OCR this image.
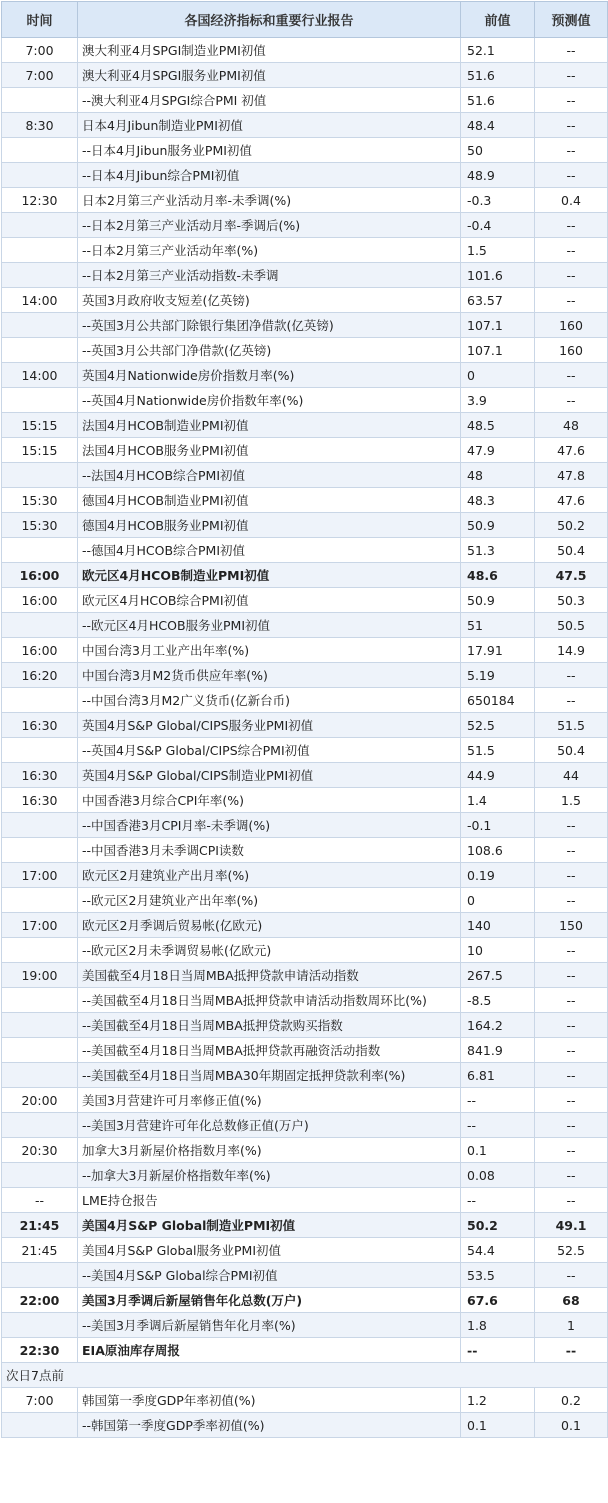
时间	各国经济指标和重要行业报告	前值	预测值
7:00	澳大利亚4月SPGI制造业PMI初值	52.1	--
7:00	澳大利亚4月SPGI服务业PMI初值	51.6	--
	--澳大利亚4月SPGI综合PMI 初值	51.6	--
8:30	日本4月Jibun制造业PMI初值	48.4	--
	--日本4月Jibun服务业PMI初值	50	--
	--日本4月Jibun综合PMI初值	48.9	--
12:30	日本2月第三产业活动月率-未季调(%)	-0.3	0.4
	--日本2月第三产业活动月率-季调后(%)	-0.4	--
	--日本2月第三产业活动年率(%)	1.5	--
	--日本2月第三产业活动指数-未季调	101.6	--
14:00	英国3月政府收支短差(亿英镑)	63.57	--
	--英国3月公共部门除银行集团净借款(亿英镑)	107.1	160
	--英国3月公共部门净借款(亿英镑)	107.1	160
14:00	英国4月Nationwide房价指数月率(%)	0	--
	--英国4月Nationwide房价指数年率(%)	3.9	--
15:15	法国4月HCOB制造业PMI初值	48.5	48
15:15	法国4月HCOB服务业PMI初值	47.9	47.6
	--法国4月HCOB综合PMI初值	48	47.8
15:30	德国4月HCOB制造业PMI初值	48.3	47.6
15:30	德国4月HCOB服务业PMI初值	50.9	50.2
	--德国4月HCOB综合PMI初值	51.3	50.4
16:00	欧元区4月HCOB制造业PMI初值	48.6	47.5
16:00	欧元区4月HCOB综合PMI初值	50.9	50.3
	--欧元区4月HCOB服务业PMI初值	51	50.5
16:00	中国台湾3月工业产出年率(%)	17.91	14.9
16:20	中国台湾3月M2货币供应年率(%)	5.19	--
	--中国台湾3月M2广义货币(亿新台币)	650184	--
16:30	英国4月S&P Global/CIPS服务业PMI初值	52.5	51.5
	--英国4月S&P Global/CIPS综合PMI初值	51.5	50.4
16:30	英国4月S&P Global/CIPS制造业PMI初值	44.9	44
16:30	中国香港3月综合CPI年率(%)	1.4	1.5
	--中国香港3月CPI月率-未季调(%)	-0.1	--
	--中国香港3月未季调CPI读数	108.6	--
17:00	欧元区2月建筑业产出月率(%)	0.19	--
	--欧元区2月建筑业产出年率(%)	0	--
17:00	欧元区2月季调后贸易帐(亿欧元)	140	150
	--欧元区2月未季调贸易帐(亿欧元)	10	--
19:00	美国截至4月18日当周MBA抵押贷款申请活动指数	267.5	--
	--美国截至4月18日当周MBA抵押贷款申请活动指数周环比(%)	-8.5	--
	--美国截至4月18日当周MBA抵押贷款购买指数	164.2	--
	--美国截至4月18日当周MBA抵押贷款再融资活动指数	841.9	--
	--美国截至4月18日当周MBA30年期固定抵押贷款利率(%)	6.81	--
20:00	美国3月营建许可月率修正值(%)	--	--
	--美国3月营建许可年化总数修正值(万户)	--	--
20:30	加拿大3月新屋价格指数月率(%)	0.1	--
	--加拿大3月新屋价格指数年率(%)	0.08	--
--	LME持仓报告	--	--
21:45	美国4月S&P Global制造业PMI初值	50.2	49.1
21:45	美国4月S&P Global服务业PMI初值	54.4	52.5
	--美国4月S&P Global综合PMI初值	53.5	--
22:00	美国3月季调后新屋销售年化总数(万户)	67.6	68
	--美国3月季调后新屋销售年化月率(%)	1.8	1
22:30	EIA原油库存周报	--	--
次日7点前			
7:00	韩国第一季度GDP年率初值(%)	1.2	0.2
	--韩国第一季度GDP季率初值(%)	0.1	0.1
